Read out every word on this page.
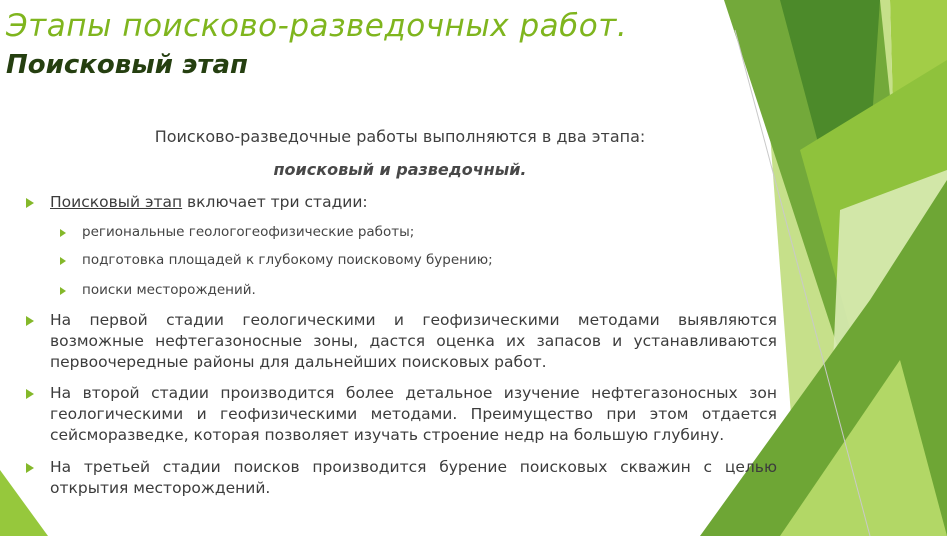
Этапы поисково-разведочных работ.
Поисковый этап
Поисково-разведочные работы выполняются в два этапа:
поисковый и разведочный.
Поисковый этап включает три стадии:
региональные геологогеофизические работы;
подготовка площадей к глубокому поисковому бурению;
поиски месторождений.
На первой стадии геологическими и геофизическими методами выявляются возможные нефтегазоносные зоны, дастся оценка их запасов и устанавливаются первоочередные районы для дальнейших поисковых работ.
На второй стадии производится более детальное изучение нефтегазоносных зон геологическими и геофизическими методами. Преимущество при этом отдается сейсморазведке, которая позволяет изучать строение недр на большую глубину.
На третьей стадии поисков производится бурение поисковых скважин с целью открытия месторождений.
